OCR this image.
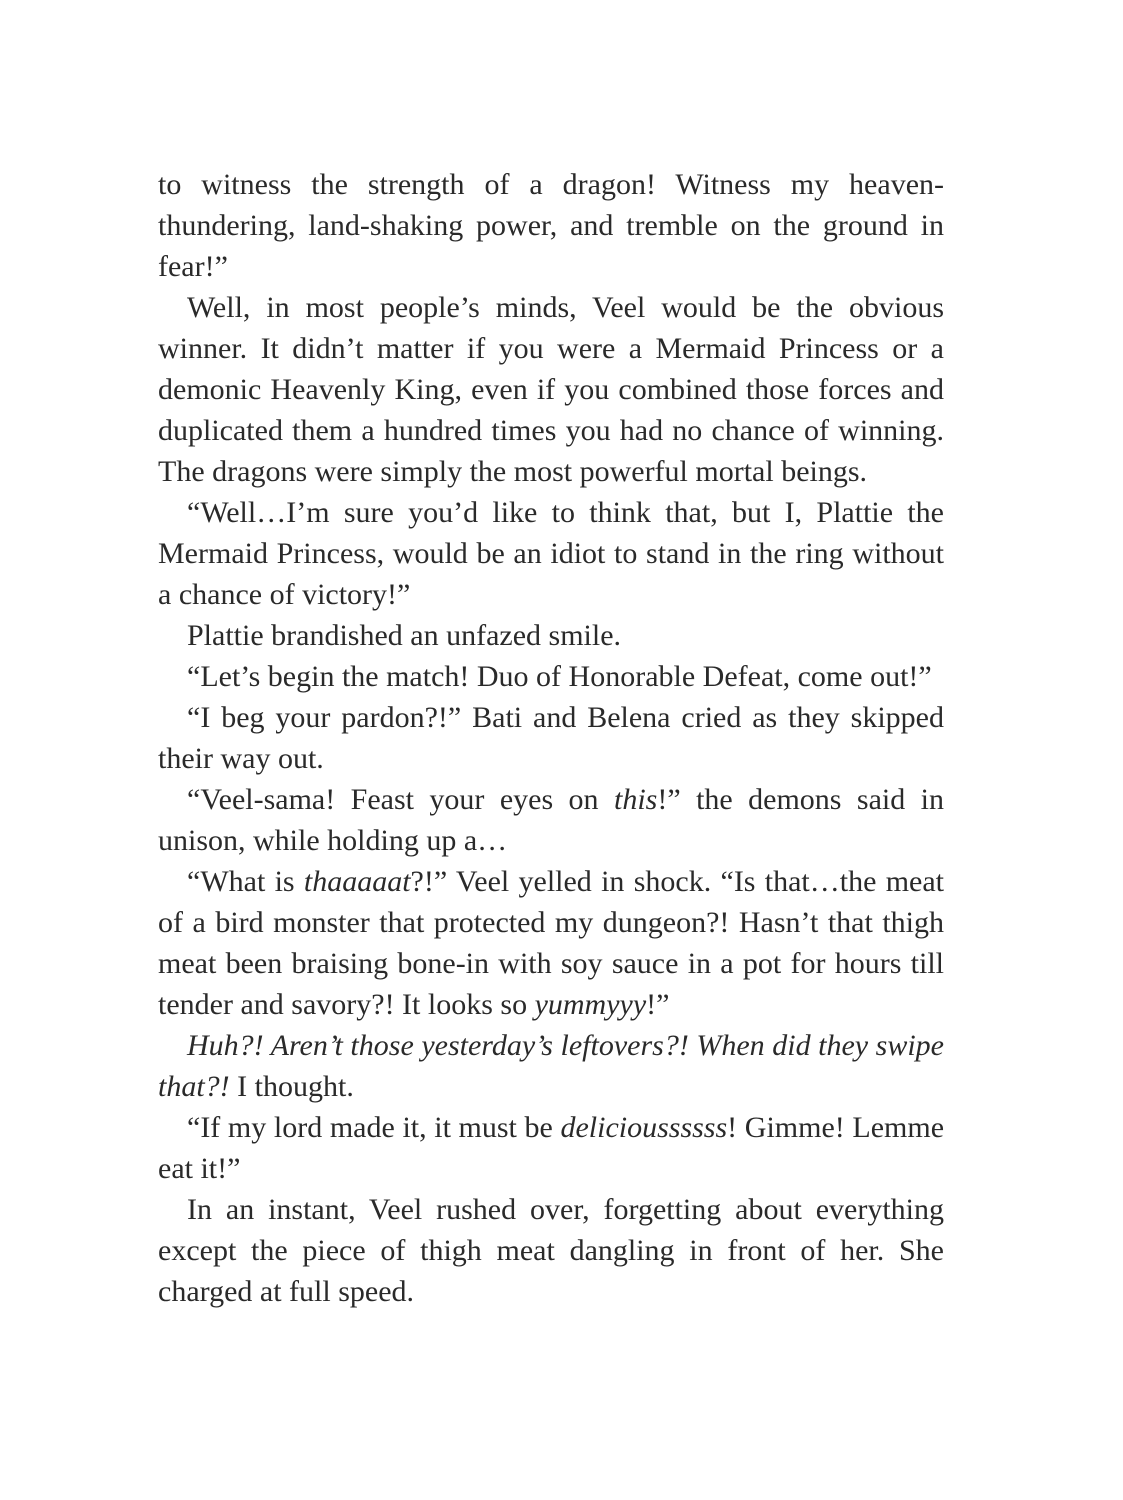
to witness the strength of a dragon! Witness my heaven-thundering, land-shaking power, and tremble on the ground in fear!”

Well, in most people’s minds, Veel would be the obvious winner. It didn’t matter if you were a Mermaid Princess or a demonic Heavenly King, even if you combined those forces and duplicated them a hundred times you had no chance of winning. The dragons were simply the most powerful mortal beings.

“Well…I’m sure you’d like to think that, but I, Plattie the Mermaid Princess, would be an idiot to stand in the ring without a chance of victory!”

Plattie brandished an unfazed smile.

“Let’s begin the match! Duo of Honorable Defeat, come out!”

“I beg your pardon?!” Bati and Belena cried as they skipped their way out.

“Veel-sama! Feast your eyes on this!” the demons said in unison, while holding up a…

“What is thaaaaat?!” Veel yelled in shock. “Is that…the meat of a bird monster that protected my dungeon?! Hasn’t that thigh meat been braising bone-in with soy sauce in a pot for hours till tender and savory?! It looks so yummyyy!”

Huh?! Aren’t those yesterday’s leftovers?! When did they swipe that?! I thought.

“If my lord made it, it must be delicioussssss! Gimme! Lemme eat it!”

In an instant, Veel rushed over, forgetting about everything except the piece of thigh meat dangling in front of her. She charged at full speed.
